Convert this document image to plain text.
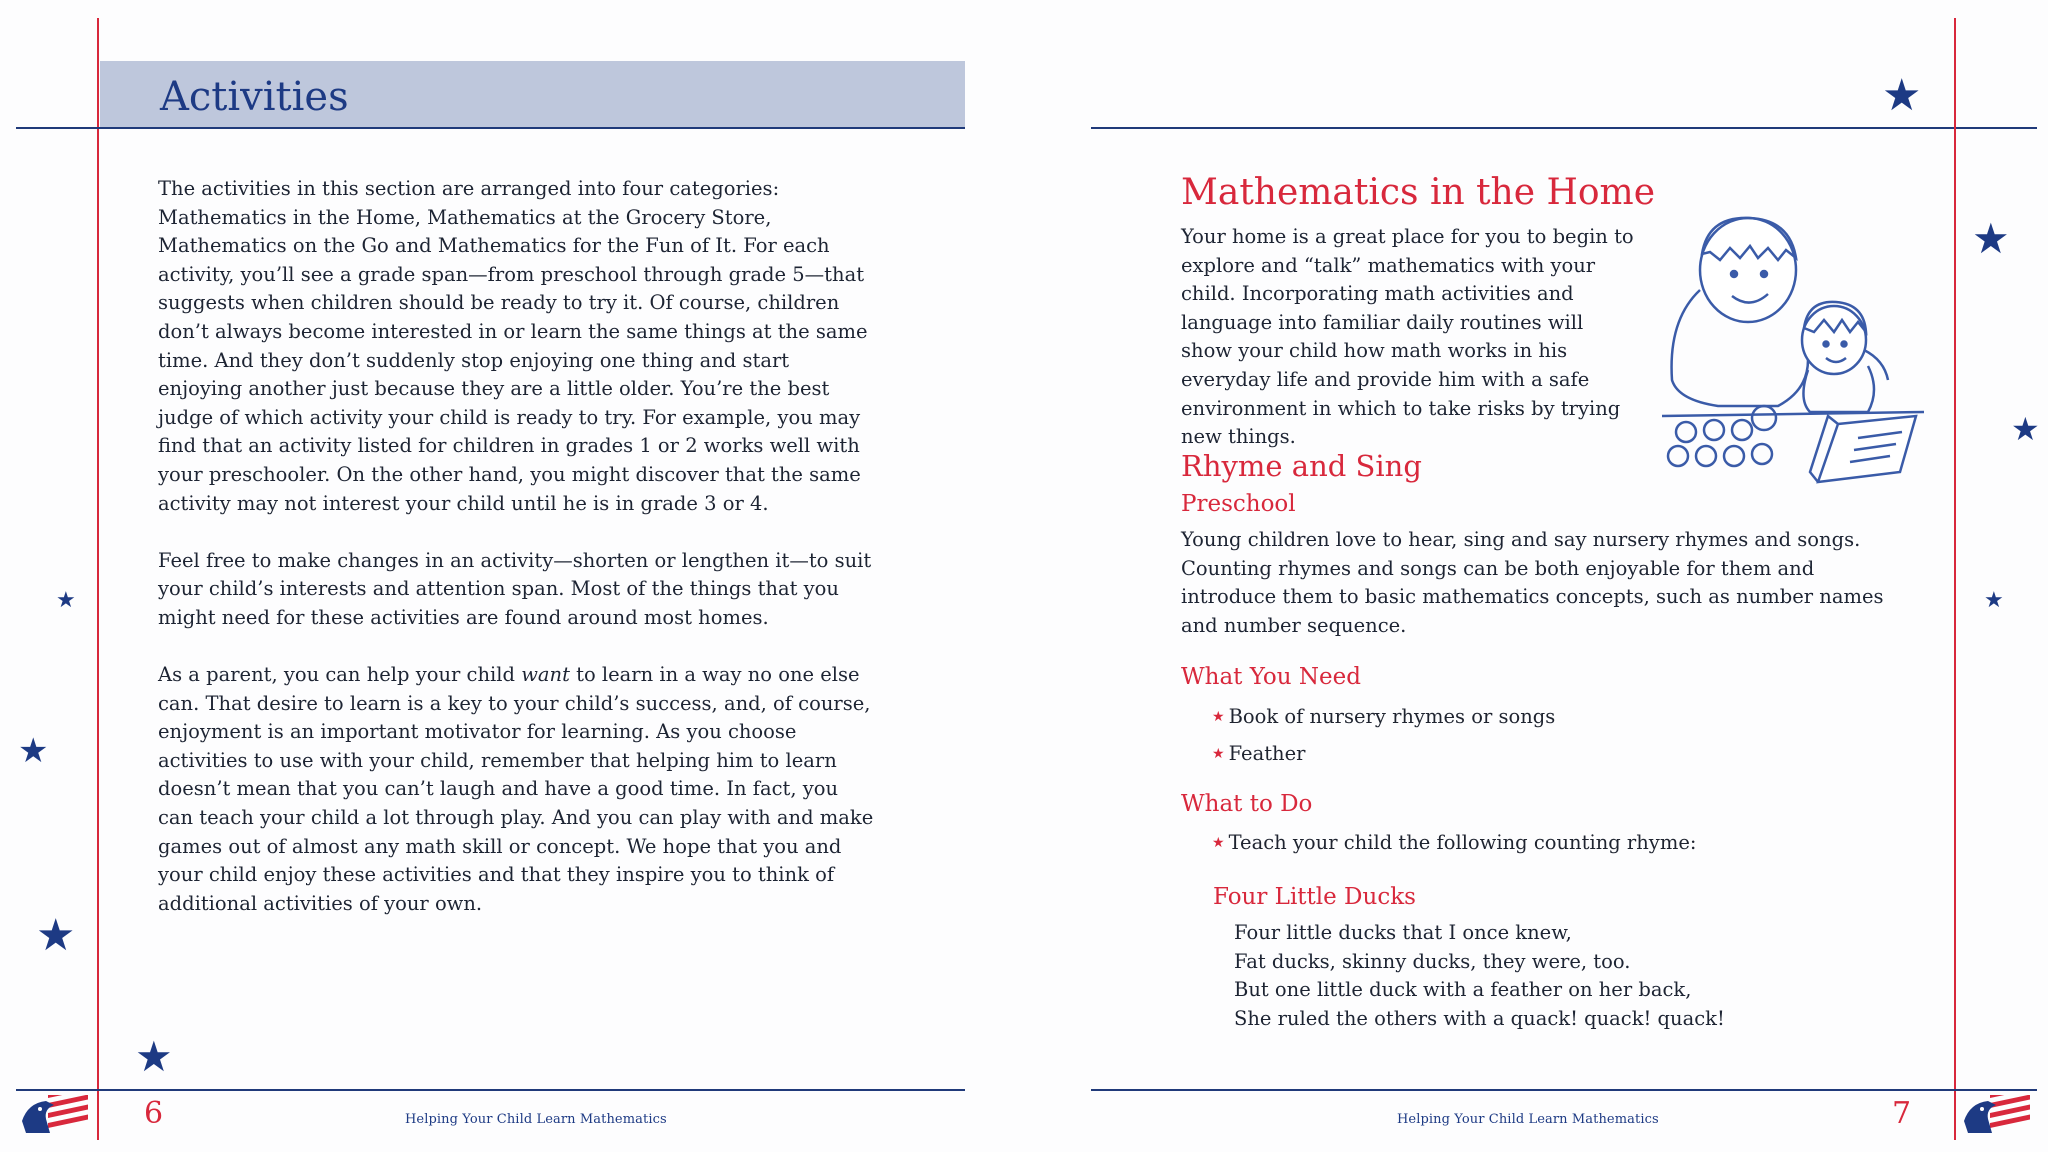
Activities

The activities in this section are arranged into four categories: Mathematics in the Home, Mathematics at the Grocery Store, Mathematics on the Go and Mathematics for the Fun of It. For each activity, you’ll see a grade span—from preschool through grade 5—that suggests when children should be ready to try it. Of course, children don’t always become interested in or learn the same things at the same time. And they don’t suddenly stop enjoying one thing and start enjoying another just because they are a little older. You’re the best judge of which activity your child is ready to try. For example, you may find that an activity listed for children in grades 1 or 2 works well with your preschooler. On the other hand, you might discover that the same activity may not interest your child until he is in grade 3 or 4.

Feel free to make changes in an activity—shorten or lengthen it—to suit your child’s interests and attention span. Most of the things that you might need for these activities are found around most homes.

As a parent, you can help your child want to learn in a way no one else can. That desire to learn is a key to your child’s success, and, of course, enjoyment is an important motivator for learning. As you choose activities to use with your child, remember that helping him to learn doesn’t mean that you can’t laugh and have a good time. In fact, you can teach your child a lot through play. And you can play with and make games out of almost any math skill or concept. We hope that you and your child enjoy these activities and that they inspire you to think of additional activities of your own.

★
★
★
★
6	Helping Your Child Learn Mathematics
★
★
★
★
Mathematics in the Home

Your home is a great place for you to begin to explore and “talk” mathematics with your child. Incorporating math activities and language into familiar daily routines will show your child how math works in his everyday life and provide him with a safe environment in which to take risks by trying new things.

Rhyme and Sing
Preschool

Young children love to hear, sing and say nursery rhymes and songs. Counting rhymes and songs can be both enjoyable for them and introduce them to basic mathematics concepts, such as number names and number sequence.

What You Need

★ Book of nursery rhymes or songs

★ Feather

What to Do

★ Teach your child the following counting rhyme:

Four Little Ducks
Four little ducks that I once knew,
Fat ducks, skinny ducks, they were, too.
But one little duck with a feather on her back,
She ruled the others with a quack! quack! quack!
Helping Your Child Learn Mathematics	7
